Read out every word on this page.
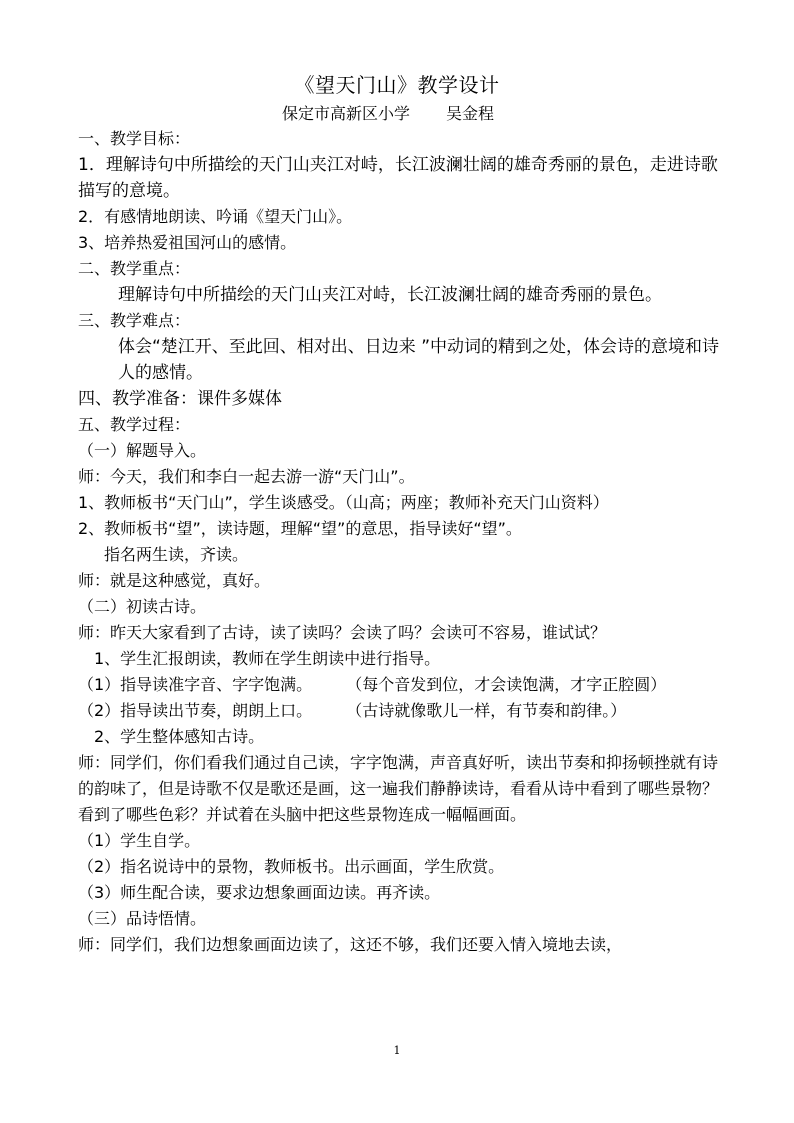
《望天门山》教学设计
保定市高新区小学 吴金程

一、教学目标：

1．理解诗句中所描绘的天门山夹江对峙，长江波澜壮阔的雄奇秀丽的景色，走进诗歌描写的意境。

2．有感情地朗读、吟诵《望天门山》。

3、培养热爱祖国河山的感情。

二、教学重点：

理解诗句中所描绘的天门山夹江对峙，长江波澜壮阔的雄奇秀丽的景色。

三、教学难点：

体会“楚江开、至此回、相对出、日边来 ”中动词的精到之处，体会诗的意境和诗人的感情。

四、教学准备：课件多媒体

五、教学过程：

（一）解题导入。

师：今天，我们和李白一起去游一游“天门山”。

1、教师板书“天门山”，学生谈感受。（山高；两座；教师补充天门山资料）

2、教师板书“望”，读诗题，理解“望”的意思，指导读好“望”。

指名两生读，齐读。

师：就是这种感觉，真好。

（二）初读古诗。

师：昨天大家看到了古诗，读了读吗？会读了吗？会读可不容易，谁试试？

1、学生汇报朗读，教师在学生朗读中进行指导。

（1）指导读准字音、字字饱满。 （每个音发到位，才会读饱满，才字正腔圆）

（2）指导读出节奏，朗朗上口。 （古诗就像歌儿一样，有节奏和韵律。）

2、学生整体感知古诗。

师：同学们，你们看我们通过自己读，字字饱满，声音真好听，读出节奏和抑扬顿挫就有诗的韵味了，但是诗歌不仅是歌还是画，这一遍我们静静读诗，看看从诗中看到了哪些景物？看到了哪些色彩？并试着在头脑中把这些景物连成一幅幅画面。

（1）学生自学。

（2）指名说诗中的景物，教师板书。出示画面，学生欣赏。

（3）师生配合读，要求边想象画面边读。再齐读。

（三）品诗悟情。

师：同学们，我们边想象画面边读了，这还不够，我们还要入情入境地去读，

1
